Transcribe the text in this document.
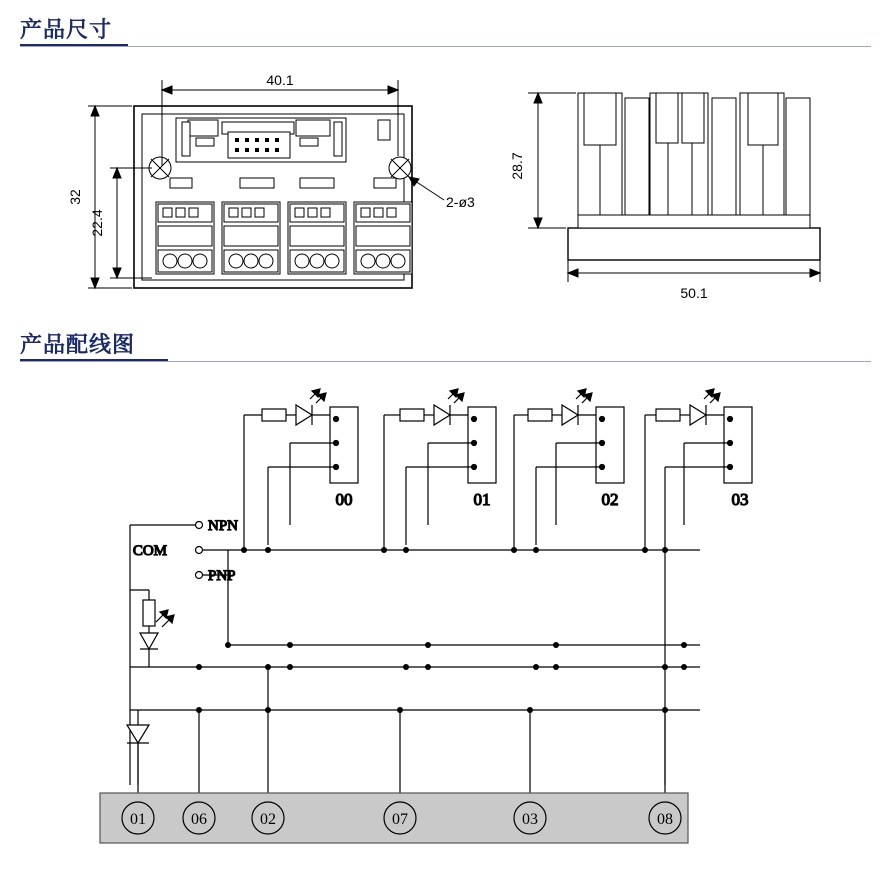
产品尺寸
40.1
32
22.4
2-ø3
28.7
50.1
产品配线图
00	01	02	03
NPN
COM
PNP
01	06	02	07	03	08
